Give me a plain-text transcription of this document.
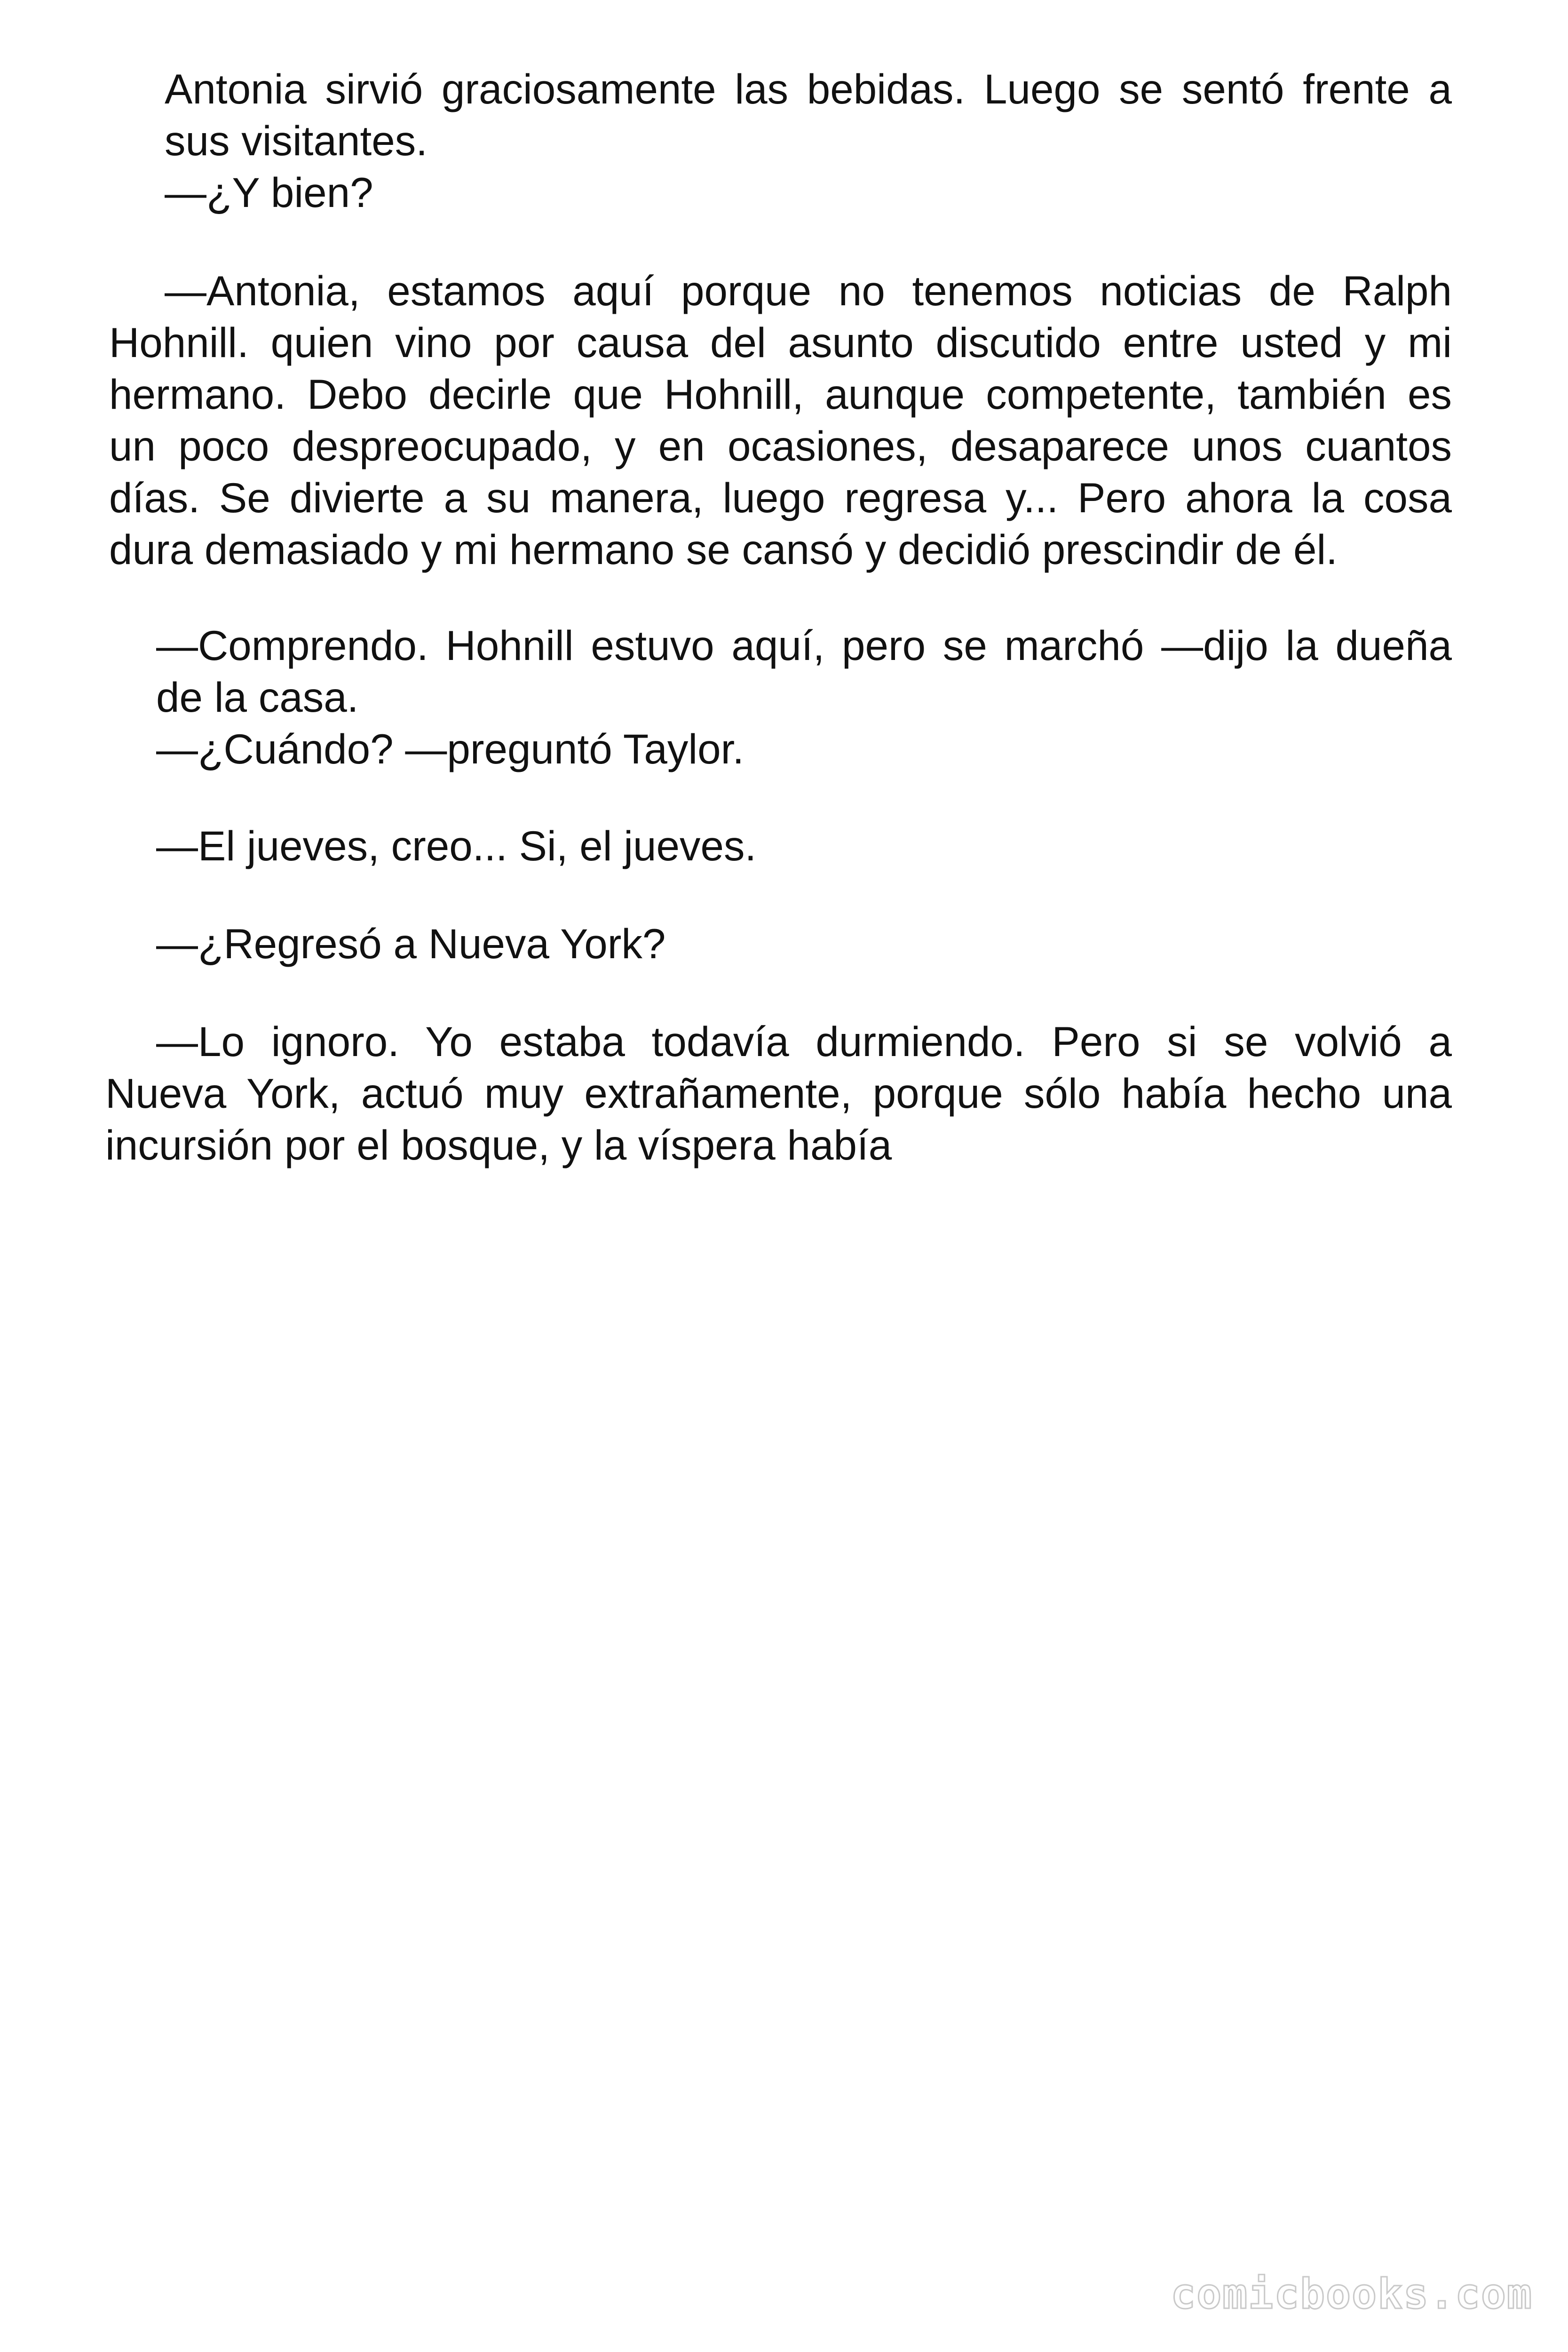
Antonia sirvió graciosamente las bebidas. Luego se sentó frente a
sus visitantes.
—¿Y bien?
—Antonia, estamos aquí porque no tenemos noticias de Ralph
Hohnill. quien vino por causa del asunto discutido entre usted y mi
hermano. Debo decirle que Hohnill, aunque competente, también es
un poco despreocupado, y en ocasiones, desaparece unos cuantos
días. Se divierte a su manera, luego regresa y... Pero ahora la cosa
dura demasiado y mi hermano se cansó y decidió prescindir de él.
—Comprendo. Hohnill estuvo aquí, pero se marchó —dijo la dueña
de la casa.
—¿Cuándo? —preguntó Taylor.
—El jueves, creo... Si, el jueves.
—¿Regresó a Nueva York?
—Lo ignoro. Yo estaba todavía durmiendo. Pero si se volvió a
Nueva York, actuó muy extrañamente, porque sólo había hecho una
incursión por el bosque, y la víspera había
comicbooks.com
